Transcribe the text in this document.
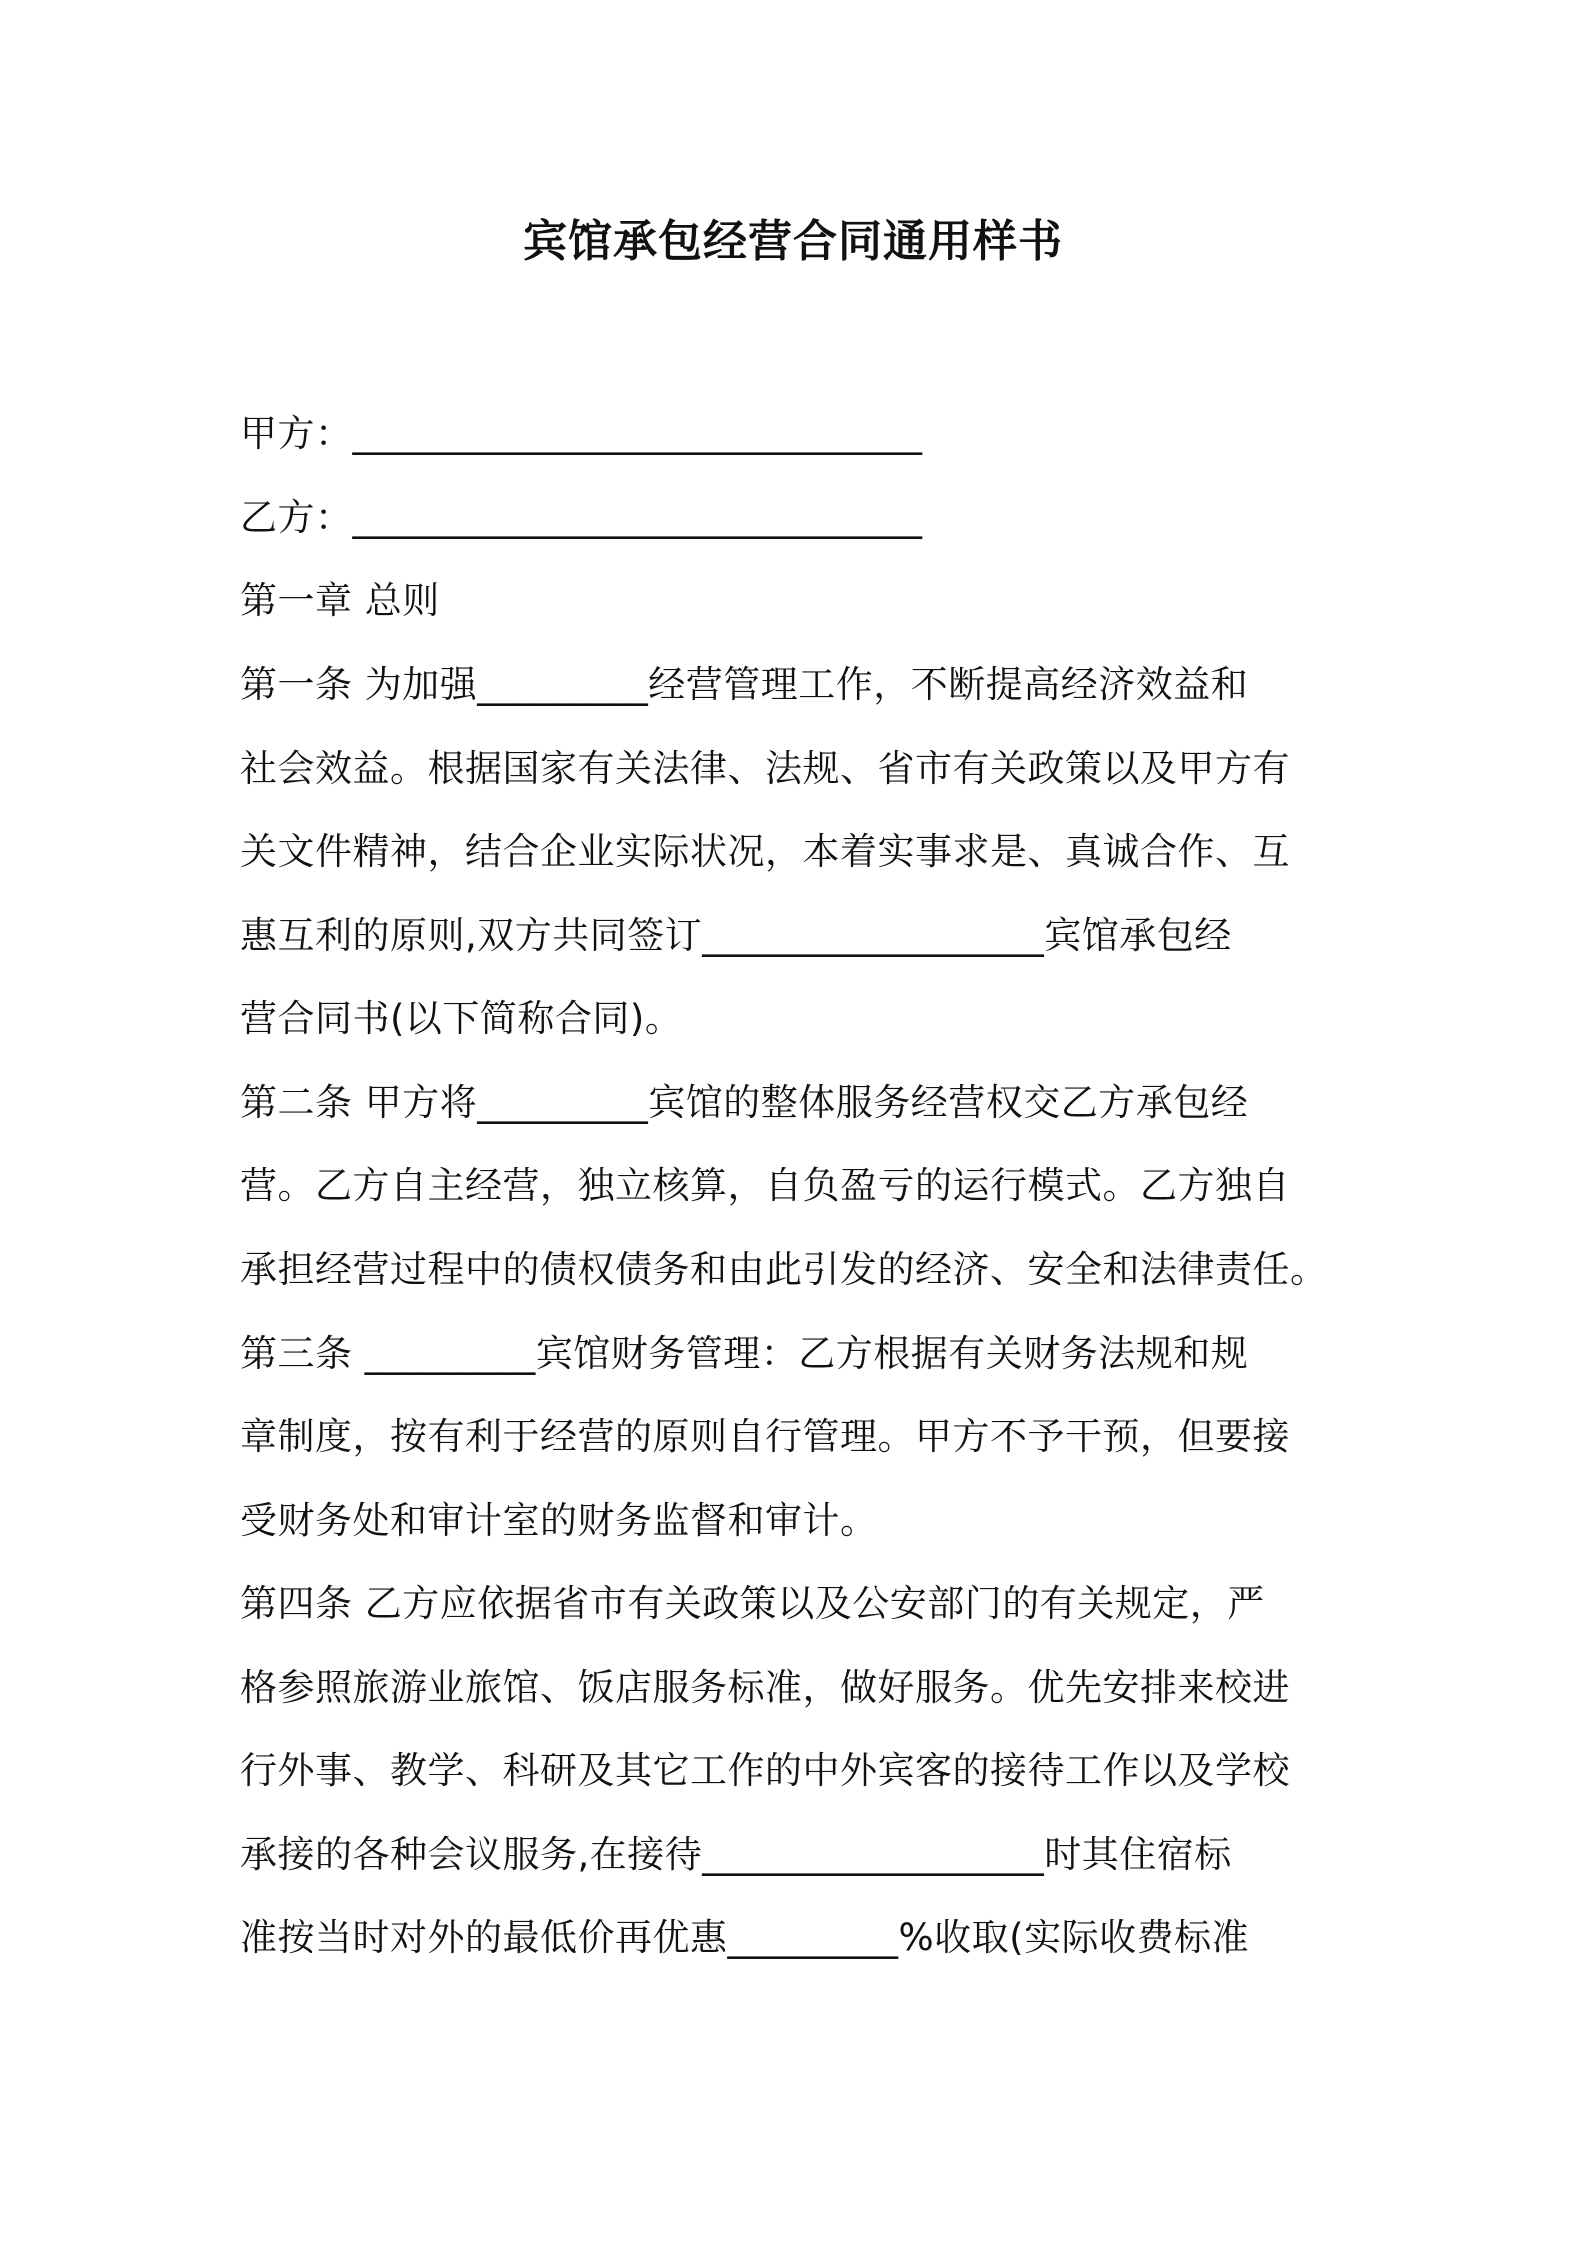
宾馆承包经营合同通用样书
甲方：______________________________
乙方：______________________________
第一章 总则
第一条 为加强_________经营管理工作，不断提高经济效益和
社会效益。根据国家有关法律、法规、省市有关政策以及甲方有
关文件精神，结合企业实际状况，本着实事求是、真诚合作、互
惠互利的原则,双方共同签订__________________宾馆承包经
营合同书(以下简称合同)。
第二条 甲方将_________宾馆的整体服务经营权交乙方承包经
营。乙方自主经营，独立核算，自负盈亏的运行模式。乙方独自
承担经营过程中的债权债务和由此引发的经济、安全和法律责任。
第三条 _________宾馆财务管理：乙方根据有关财务法规和规
章制度，按有利于经营的原则自行管理。甲方不予干预，但要接
受财务处和审计室的财务监督和审计。
第四条 乙方应依据省市有关政策以及公安部门的有关规定，严
格参照旅游业旅馆、饭店服务标准，做好服务。优先安排来校进
行外事、教学、科研及其它工作的中外宾客的接待工作以及学校
承接的各种会议服务,在接待__________________时其住宿标
准按当时对外的最低价再优惠_________%收取(实际收费标准
